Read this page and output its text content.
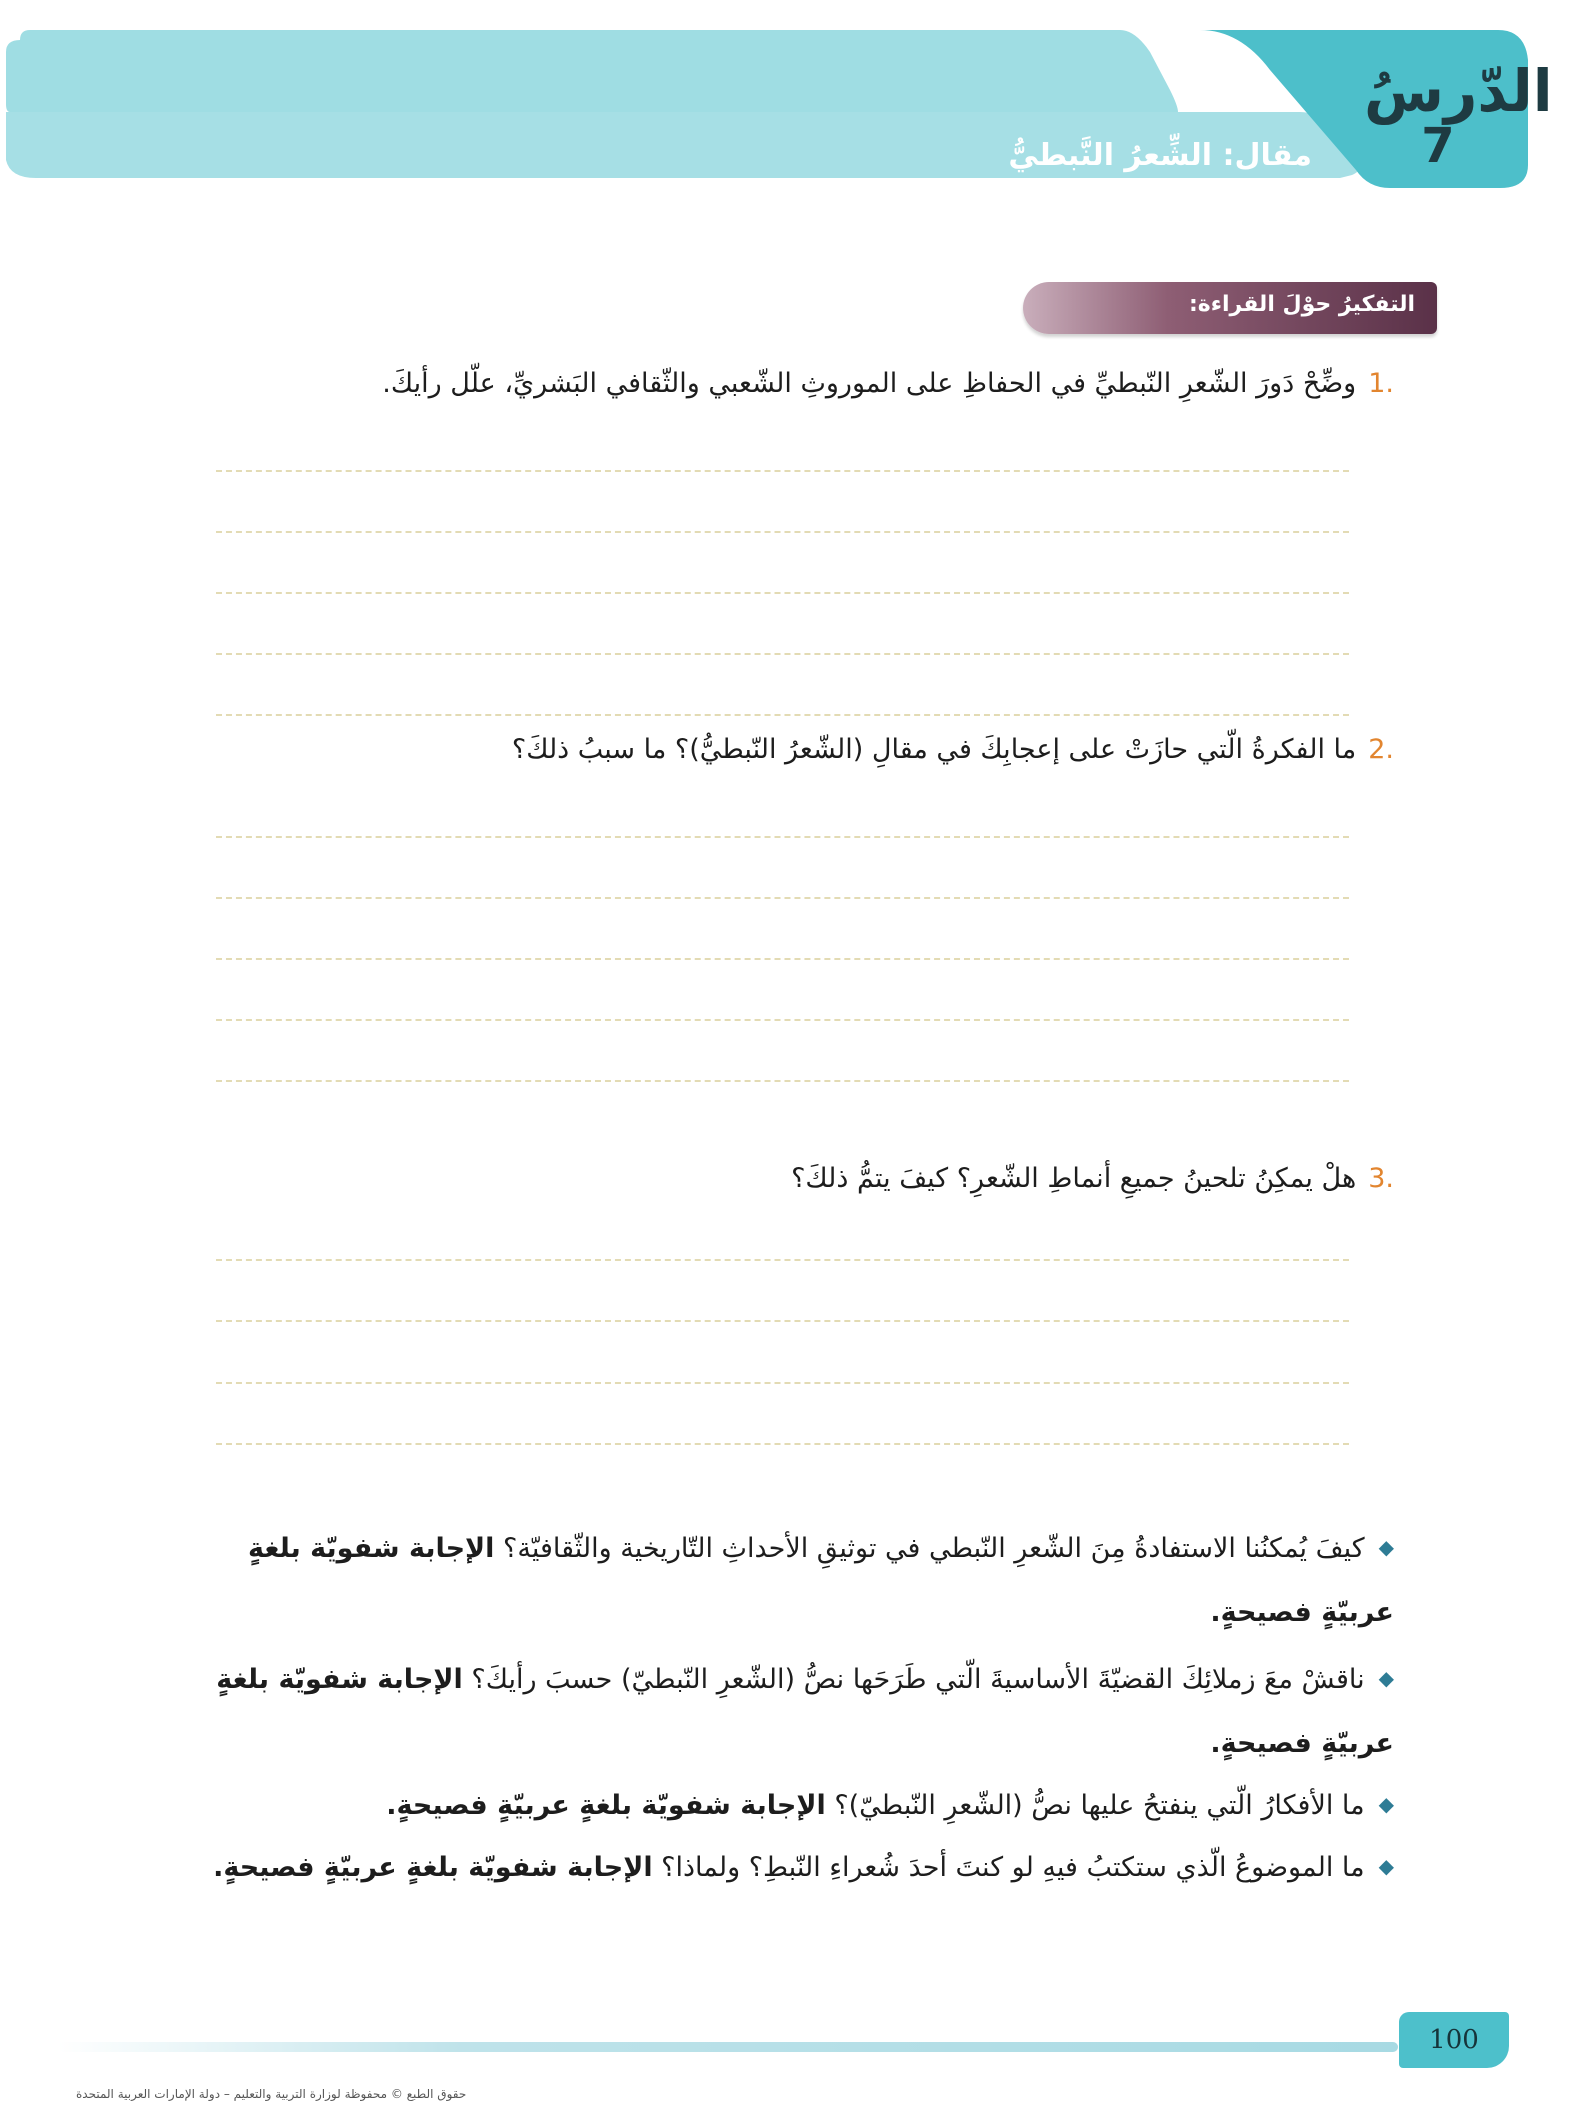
الدّرسُ
7
مقال: الشِّعرُ النَّبطيُّ
التفكيرُ حوْلَ القراءة:
.1وضِّحْ دَورَ الشّعرِ النّبطيِّ في الحفاظِ على الموروثِ الشّعبي والثّقافي البَشريِّ، علّل رأيكَ.
.2ما الفكرةُ الّتي حازَتْ على إعجابِكَ في مقالِ (الشّعرُ النّبطيُّ)؟ ما سببُ ذلكَ؟
.3هلْ يمكِنُ تلحينُ جميعِ أنماطِ الشّعرِ؟ كيفَ يتمُّ ذلكَ؟
◆كيفَ يُمكنُنا الاستفادةُ مِنَ الشّعرِ النّبطي في توثيقِ الأحداثِ التّاريخية والثّقافيّة؟ الإجابة شفويّة بلغةٍ عربيّةٍ فصيحةٍ.
◆ناقشْ معَ زملائِكَ القضيّةَ الأساسيةَ الّتي طَرَحَها نصُّ (الشّعرِ النّبطيّ) حسبَ رأيكَ؟ الإجابة شفويّة بلغةٍ عربيّةٍ فصيحةٍ.
◆ما الأفكارُ الّتي ينفتحُ عليها نصُّ (الشّعرِ النّبطيّ)؟ الإجابة شفويّة بلغةٍ عربيّةٍ فصيحةٍ.
◆ما الموضوعُ الّذي ستكتبُ فيهِ لو كنتَ أحدَ شُعراءِ النّبطِ؟ ولماذا؟ الإجابة شفويّة بلغةٍ عربيّةٍ فصيحةٍ.
100
حقوق الطبع © محفوظة لوزارة التربية والتعليم – دولة الإمارات العربية المتحدة
